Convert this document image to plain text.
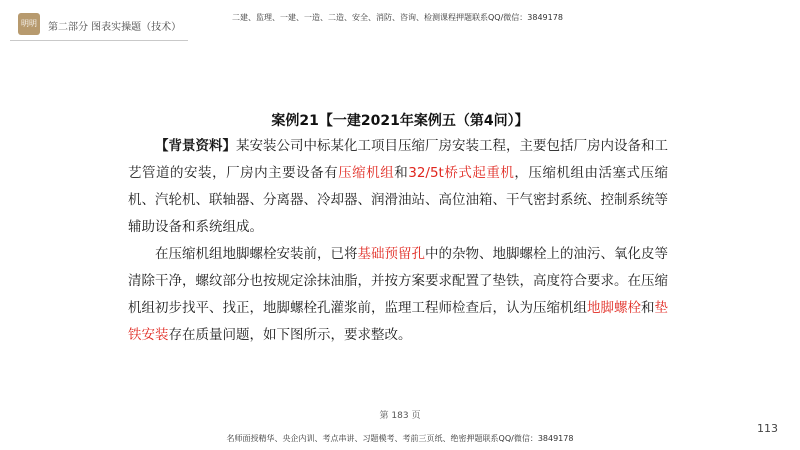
明明	第二部分 图表实操题（技术）
二建、监理、一建、一造、二造、安全、消防、咨询、检测课程押题联系QQ/微信：3849178
案例21【一建2021年案例五（第4问）】

【背景资料】某安装公司中标某化工项目压缩厂房安装工程，主要包括厂房内设备和工艺管道的安装，厂房内主要设备有压缩机组和32/5t桥式起重机，压缩机组由活塞式压缩机、汽轮机、联轴器、分离器、冷却器、润滑油站、高位油箱、干气密封系统、控制系统等辅助设备和系统组成。

在压缩机组地脚螺栓安装前，已将基础预留孔中的杂物、地脚螺栓上的油污、氧化皮等清除干净，螺纹部分也按规定涂抹油脂，并按方案要求配置了垫铁，高度符合要求。在压缩机组初步找平、找正，地脚螺栓孔灌浆前，监理工程师检查后，认为压缩机组地脚螺栓和垫铁安装存在质量问题，如下图所示，要求整改。

第 183 页
113
名师面授精华、央企内训、考点串讲、习题模考、考前三页纸、绝密押题联系QQ/微信：3849178
